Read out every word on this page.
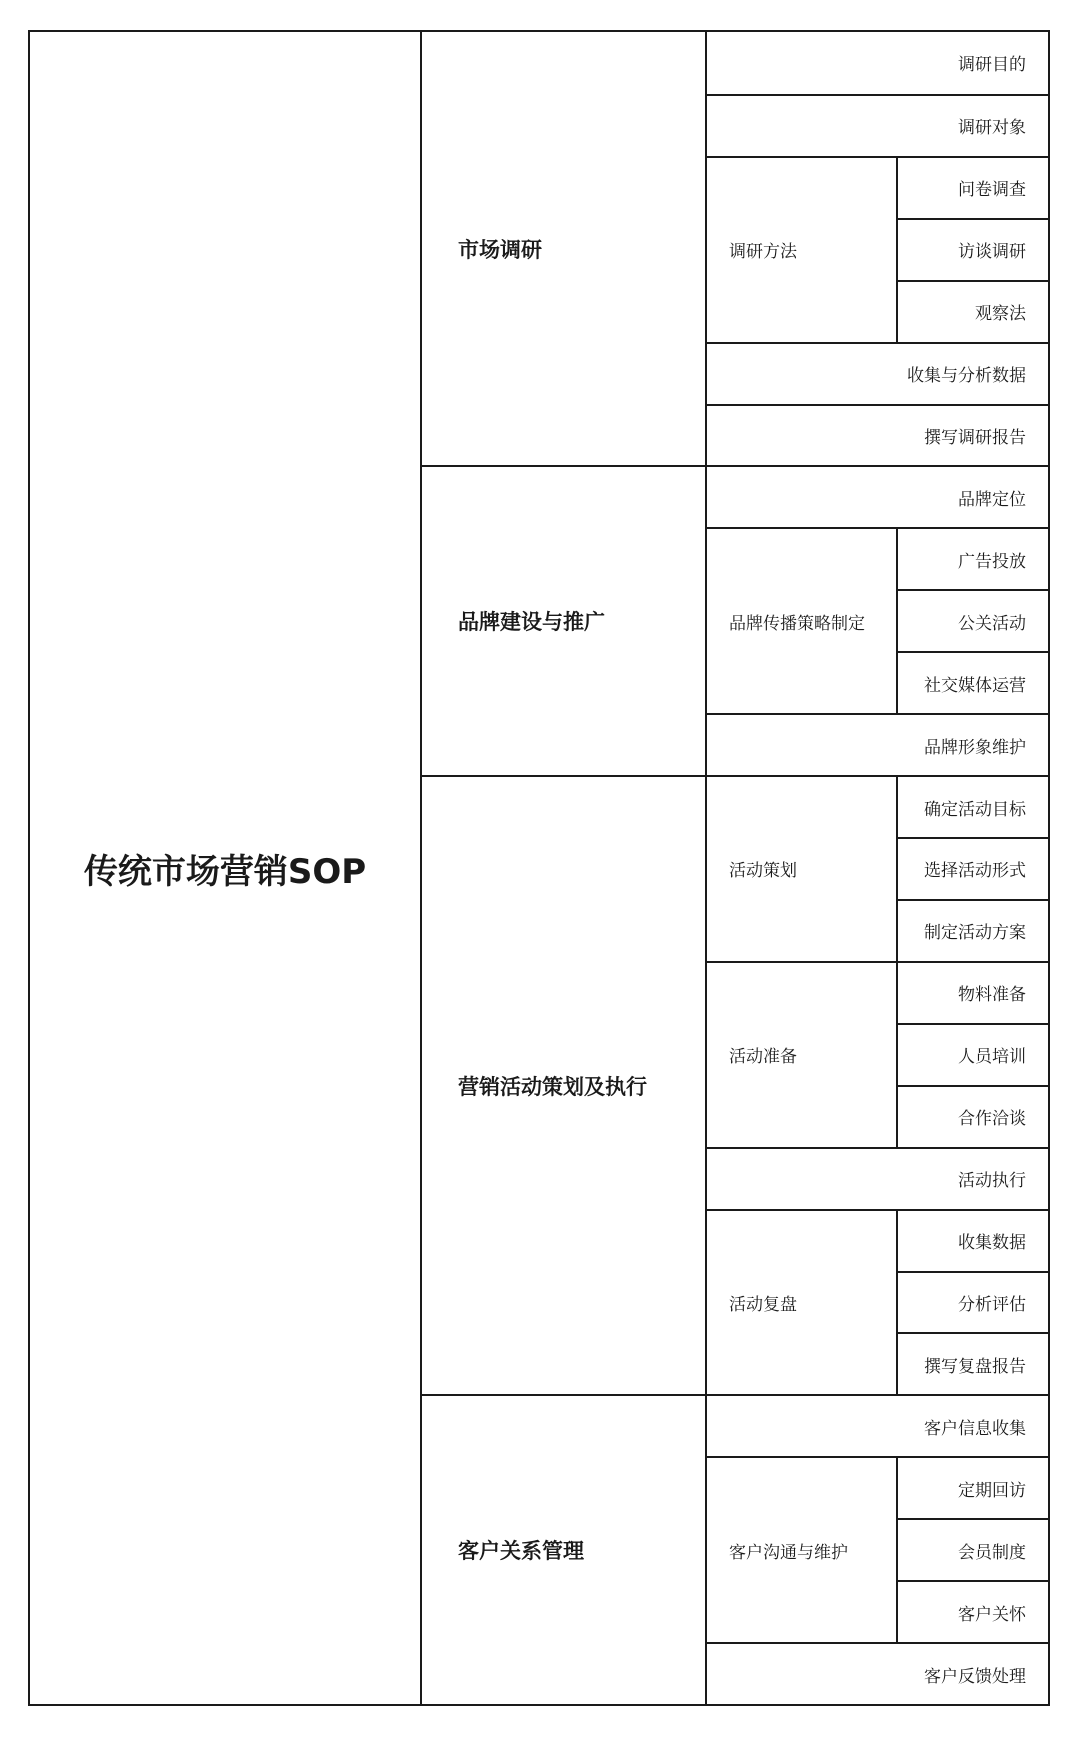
传统市场营销SOP
调研目的
调研对象
问卷调查
访谈调研
观察法
调研方法
收集与分析数据
撰写调研报告
市场调研
品牌定位
广告投放
公关活动
社交媒体运营
品牌传播策略制定
品牌形象维护
品牌建设与推广
确定活动目标
选择活动形式
制定活动方案
活动策划
物料准备
人员培训
合作洽谈
活动准备
活动执行
收集数据
分析评估
撰写复盘报告
活动复盘
营销活动策划及执行
客户信息收集
定期回访
会员制度
客户关怀
客户沟通与维护
客户反馈处理
客户关系管理
